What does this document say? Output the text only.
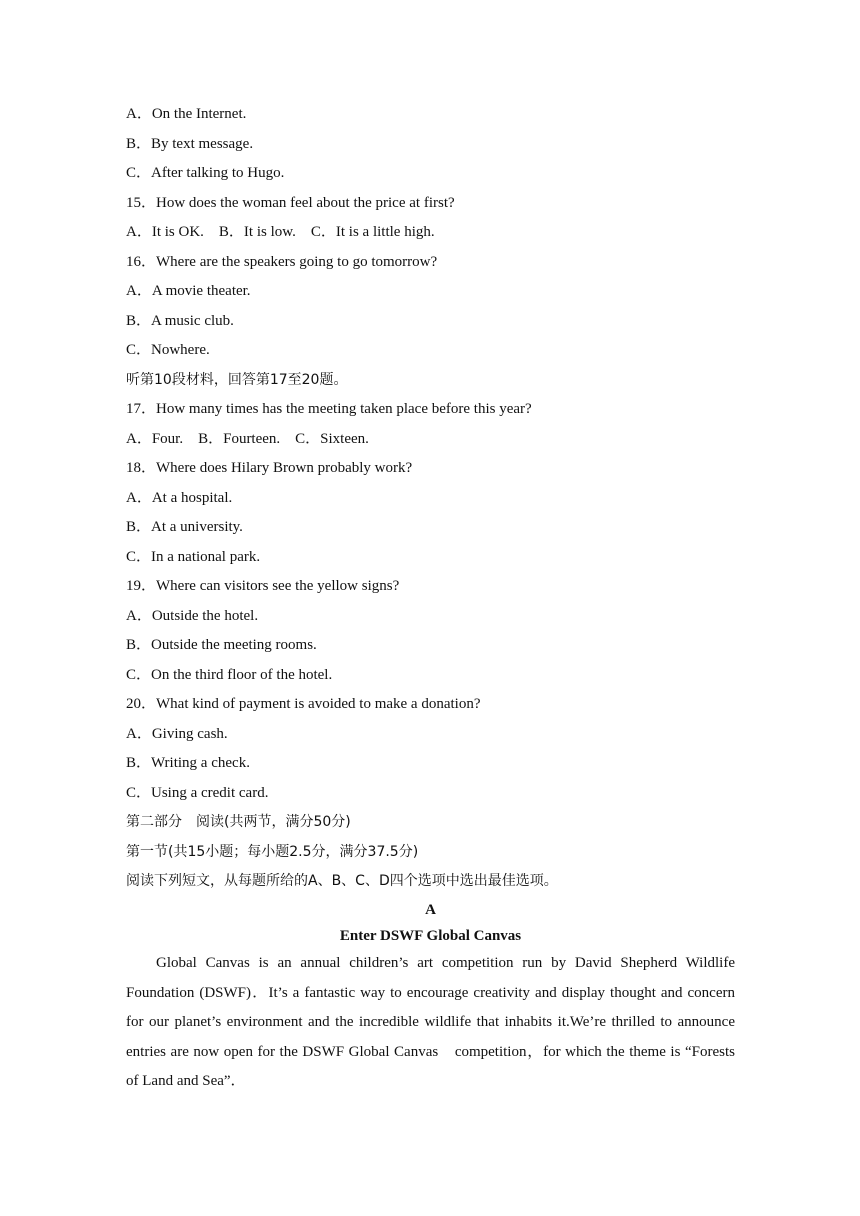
A．On the Internet.
B．By text message.
C．After talking to Hugo.
15．How does the woman feel about the price at first?
A．It is OK.　B．It is low.　C．It is a little high.
16．Where are the speakers going to go tomorrow?
A．A movie theater.
B．A music club.
C．Nowhere.
听第10段材料，回答第17至20题。
17．How many times has the meeting taken place before this year?
A．Four.　B．Fourteen.　C．Sixteen.
18．Where does Hilary Brown probably work?
A．At a hospital.
B．At a university.
C．In a national park.
19．Where can visitors see the yellow signs?
A．Outside the hotel.
B．Outside the meeting rooms.
C．On the third floor of the hotel.
20．What kind of payment is avoided to make a donation?
A．Giving cash.
B．Writing a check.
C．Using a credit card.
第二部分　阅读(共两节，满分50分)
第一节(共15小题；每小题2.5分，满分37.5分)
阅读下列短文，从每题所给的A、B、C、D四个选项中选出最佳选项。
A
Enter DSWF Global Canvas
Global Canvas is an annual children’s art competition run by David Shepherd Wildlife Foundation (DSWF)．It’s a fantastic way to encourage creativity and display thought and concern for our planet’s environment and the incredible wildlife that inhabits it.We’re thrilled to announce entries are now open for the DSWF Global Canvas　competition，for which the theme is “Forests of Land and Sea”．
